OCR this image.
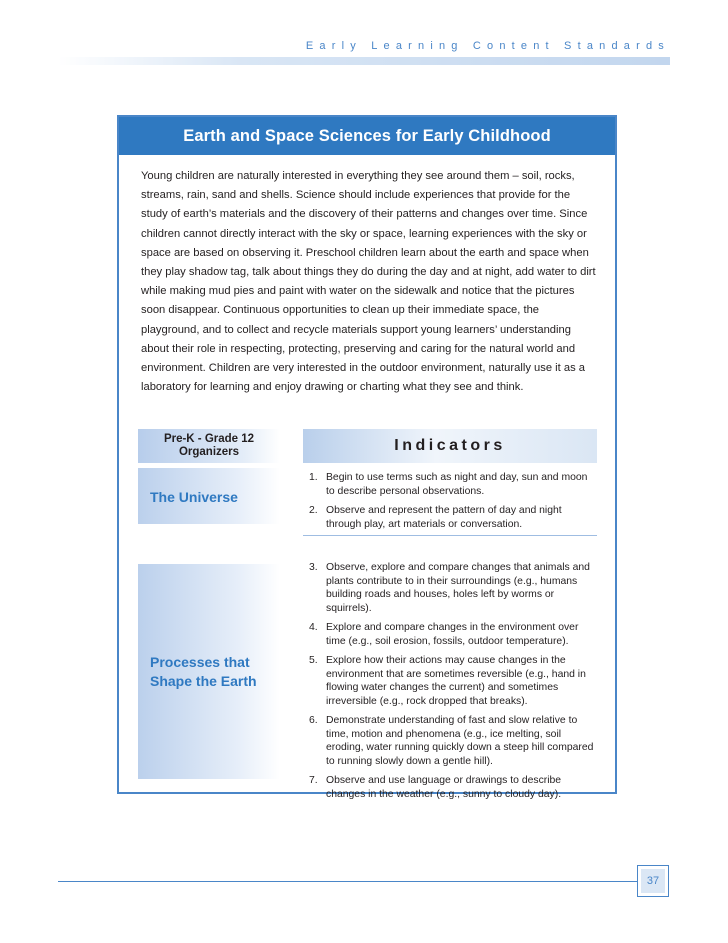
Early Learning Content Standards
Earth and Space Sciences for Early Childhood

Young children are naturally interested in everything they see around them – soil, rocks, streams, rain, sand and shells. Science should include experiences that provide for the study of earth’s materials and the discovery of their patterns and changes over time. Since children cannot directly interact with the sky or space, learning experiences with the sky or space are based on observing it. Preschool children learn about the earth and space when they play shadow tag, talk about things they do during the day and at night, add water to dirt while making mud pies and paint with water on the sidewalk and notice that the pictures soon disappear. Continuous opportunities to clean up their immediate space, the playground, and to collect and recycle materials support young learners’ understanding about their role in respecting, protecting, preserving and caring for the natural world and environment. Children are very interested in the outdoor environment, naturally use it as a laboratory for learning and enjoy drawing or charting what they see and think.

Pre-K - Grade 12
Organizers	Indicators
The Universe
1. Begin to use terms such as night and day, sun and moon to describe personal observations.
2. Observe and represent the pattern of day and night through play, art materials or conversation.
Processes that
Shape the Earth
3. Observe, explore and compare changes that animals and plants contribute to in their surroundings (e.g., humans building roads and houses, holes left by worms or squirrels).
4. Explore and compare changes in the environment over time (e.g., soil erosion, fossils, outdoor temperature).
5. Explore how their actions may cause changes in the environment that are sometimes reversible (e.g., hand in flowing water changes the current) and sometimes irreversible (e.g., rock dropped that breaks).
6. Demonstrate understanding of fast and slow relative to time, motion and phenomena (e.g., ice melting, soil eroding, water running quickly down a steep hill compared to running slowly down a gentle hill).
7. Observe and use language or drawings to describe changes in the weather (e.g., sunny to cloudy day).
37
